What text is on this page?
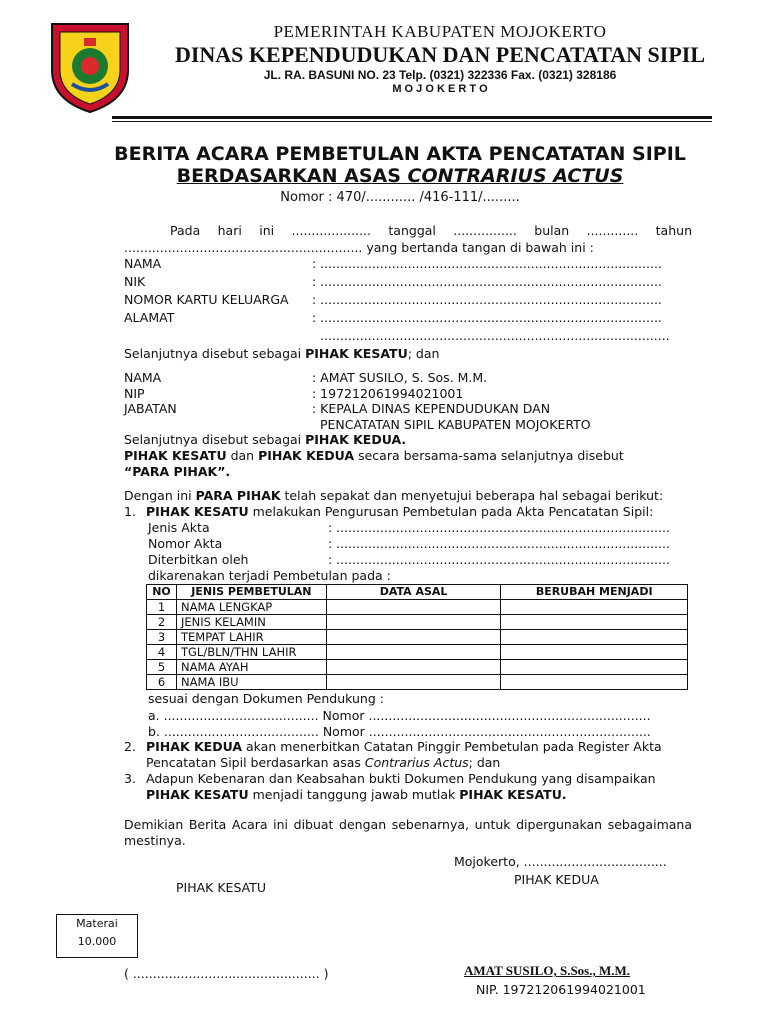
PEMERINTAH KABUPATEN MOJOKERTO
DINAS KEPENDUDUKAN DAN PENCATATAN SIPIL
JL. RA. BASUNI NO. 23 Telp. (0321) 322336 Fax. (0321) 328186
M O J O K E R T O
BERITA ACARA PEMBETULAN AKTA PENCATATAN SIPIL
BERDASARKAN ASAS CONTRARIUS ACTUS
Nomor : 470/............ /416-111/.........
Pada hari ini .................... tanggal ................ bulan ............. tahun ............................................................ yang bertanda tangan di bawah ini :
NAMA	: ......................................................................................
NIK	: ......................................................................................
NOMOR KARTU KELUARGA : ......................................................................................
ALAMAT	: ......................................................................................
........................................................................................
Selanjutnya disebut sebagai PIHAK KESATU; dan
NAMA	: AMAT SUSILO, S. Sos. M.M.
NIP	: 197212061994021001
JABATAN	: KEPALA DINAS KEPENDUDUKAN DAN
PENCATATAN SIPIL KABUPATEN MOJOKERTO
Selanjutnya disebut sebagai PIHAK KEDUA.
PIHAK KESATU dan PIHAK KEDUA secara bersama-sama selanjutnya disebut
“PARA PIHAK”.
Dengan ini PARA PIHAK telah sepakat dan menyetujui beberapa hal sebagai berikut:
1. PIHAK KESATU melakukan Pengurusan Pembetulan pada Akta Pencatatan Sipil:
Jenis Akta	: ....................................................................................
Nomor Akta	: ....................................................................................
Diterbitkan oleh	: ....................................................................................
dikarenakan terjadi Pembetulan pada :
NO	JENIS PEMBETULAN	DATA ASAL	BERUBAH MENJADI
1	NAMA LENGKAP		
2	JENIS KELAMIN		
3	TEMPAT LAHIR		
4	TGL/BLN/THN LAHIR		
5	NAMA AYAH		
6	NAMA IBU		
sesuai dengan Dokumen Pendukung :
a. ....................................... Nomor .......................................................................
b. ....................................... Nomor .......................................................................
2. PIHAK KEDUA akan menerbitkan Catatan Pinggir Pembetulan pada Register Akta
Pencatatan Sipil berdasarkan asas Contrarius Actus; dan
3. Adapun Kebenaran dan Keabsahan bukti Dokumen Pendukung yang disampaikan
PIHAK KESATU menjadi tanggung jawab mutlak PIHAK KESATU.
Demikian Berita Acara ini dibuat dengan sebenarnya, untuk dipergunakan sebagaimana mestinya.
Mojokerto, ....................................
PIHAK KEDUA
PIHAK KESATU
Materai
10.000
( ............................................... )	AMAT SUSILO, S.Sos., M.M.
NIP. 197212061994021001
